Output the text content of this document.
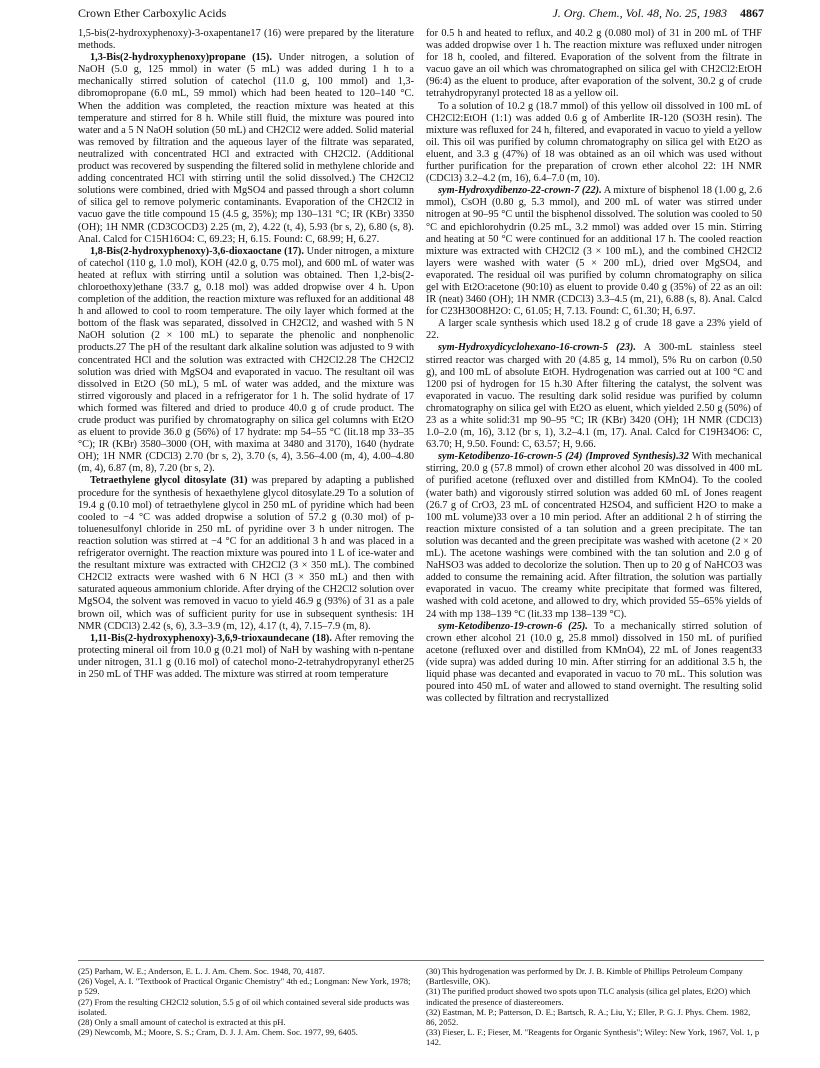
Crown Ether Carboxylic Acids	J. Org. Chem., Vol. 48, No. 25, 1983 4867

1,5-bis(2-hydroxyphenoxy)-3-oxapentane17 (16) were prepared by the literature methods.

1,3-Bis(2-hydroxyphenoxy)propane (15). Under nitrogen, a solution of NaOH (5.0 g, 125 mmol) in water (5 mL) was added during 1 h to a mechanically stirred solution of catechol (11.0 g, 100 mmol) and 1,3-dibromopropane (6.0 mL, 59 mmol) which had been heated to 120–140 °C. When the addition was completed, the reaction mixture was heated at this temperature and stirred for 8 h. While still fluid, the mixture was poured into water and a 5 N NaOH solution (50 mL) and CH2Cl2 were added. Solid material was removed by filtration and the aqueous layer of the filtrate was separated, neutralized with concentrated HCl and extracted with CH2Cl2. (Additional product was recovered by suspending the filtered solid in methylene chloride and adding concentrated HCl with stirring until the solid dissolved.) The CH2Cl2 solutions were combined, dried with MgSO4 and passed through a short column of silica gel to remove polymeric contaminants. Evaporation of the CH2Cl2 in vacuo gave the title compound 15 (4.5 g, 35%); mp 130–131 °C; IR (KBr) 3350 (OH); 1H NMR (CD3COCD3) 2.25 (m, 2), 4.22 (t, 4), 5.93 (br s, 2), 6.80 (s, 8). Anal. Calcd for C15H16O4: C, 69.23; H, 6.15. Found: C, 68.99; H, 6.27.

1,8-Bis(2-hydroxyphenoxy)-3,6-dioxaoctane (17). Under nitrogen, a mixture of catechol (110 g, 1.0 mol), KOH (42.0 g, 0.75 mol), and 600 mL of water was heated at reflux with stirring until a solution was obtained. Then 1,2-bis(2-chloroethoxy)ethane (33.7 g, 0.18 mol) was added dropwise over 4 h. Upon completion of the addition, the reaction mixture was refluxed for an additional 48 h and allowed to cool to room temperature. The oily layer which formed at the bottom of the flask was separated, dissolved in CH2Cl2, and washed with 5 N NaOH solution (2 × 100 mL) to separate the phenolic and nonphenolic products.27 The pH of the resultant dark alkaline solution was adjusted to 9 with concentrated HCl and the solution was extracted with CH2Cl2.28 The CH2Cl2 solution was dried with MgSO4 and evaporated in vacuo. The resultant oil was dissolved in Et2O (50 mL), 5 mL of water was added, and the mixture was stirred vigorously and placed in a refrigerator for 1 h. The solid hydrate of 17 which formed was filtered and dried to produce 40.0 g of crude product. The crude product was purified by chromatography on silica gel columns with Et2O as eluent to provide 36.0 g (56%) of 17 hydrate: mp 54–55 °C (lit.18 mp 33–35 °C); IR (KBr) 3580–3000 (OH, with maxima at 3480 and 3170), 1640 (hydrate OH); 1H NMR (CDCl3) 2.70 (br s, 2), 3.70 (s, 4), 3.56–4.00 (m, 4), 4.00–4.80 (m, 4), 6.87 (m, 8), 7.20 (br s, 2).

Tetraethylene glycol ditosylate (31) was prepared by adapting a published procedure for the synthesis of hexaethylene glycol ditosylate.29 To a solution of 19.4 g (0.10 mol) of tetraethylene glycol in 250 mL of pyridine which had been cooled to −4 °C was added dropwise a solution of 57.2 g (0.30 mol) of p-toluenesulfonyl chloride in 250 mL of pyridine over 3 h under nitrogen. The reaction solution was stirred at −4 °C for an additional 3 h and was placed in a refrigerator overnight. The reaction mixture was poured into 1 L of ice-water and the resultant mixture was extracted with CH2Cl2 (3 × 350 mL). The combined CH2Cl2 extracts were washed with 6 N HCl (3 × 350 mL) and then with saturated aqueous ammonium chloride. After drying of the CH2Cl2 solution over MgSO4, the solvent was removed in vacuo to yield 46.9 g (93%) of 31 as a pale brown oil, which was of sufficient purity for use in subsequent synthesis: 1H NMR (CDCl3) 2.42 (s, 6), 3.3–3.9 (m, 12), 4.17 (t, 4), 7.15–7.9 (m, 8).

1,11-Bis(2-hydroxyphenoxy)-3,6,9-trioxaundecane (18). After removing the protecting mineral oil from 10.0 g (0.21 mol) of NaH by washing with n-pentane under nitrogen, 31.1 g (0.16 mol) of catechol mono-2-tetrahydropyranyl ether25 in 250 mL of THF was added. The mixture was stirred at room temperature

for 0.5 h and heated to reflux, and 40.2 g (0.080 mol) of 31 in 200 mL of THF was added dropwise over 1 h. The reaction mixture was refluxed under nitrogen for 18 h, cooled, and filtered. Evaporation of the solvent from the filtrate in vacuo gave an oil which was chromatographed on silica gel with CH2Cl2:EtOH (96:4) as the eluent to produce, after evaporation of the solvent, 30.2 g of crude tetrahydropyranyl protected 18 as a yellow oil.

To a solution of 10.2 g (18.7 mmol) of this yellow oil dissolved in 100 mL of CH2Cl2:EtOH (1:1) was added 0.6 g of Amberlite IR-120 (SO3H resin). The mixture was refluxed for 24 h, filtered, and evaporated in vacuo to yield a yellow oil. This oil was purified by column chromatography on silica gel with Et2O as eluent, and 3.3 g (47%) of 18 was obtained as an oil which was used without further purification for the preparation of crown ether alcohol 22: 1H NMR (CDCl3) 3.2–4.2 (m, 16), 6.4–7.0 (m, 10).

sym-Hydroxydibenzo-22-crown-7 (22). A mixture of bisphenol 18 (1.00 g, 2.6 mmol), CsOH (0.80 g, 5.3 mmol), and 200 mL of water was stirred under nitrogen at 90–95 °C until the bisphenol dissolved. The solution was cooled to 50 °C and epichlorohydrin (0.25 mL, 3.2 mmol) was added over 15 min. Stirring and heating at 50 °C were continued for an additional 17 h. The cooled reaction mixture was extracted with CH2Cl2 (3 × 100 mL), and the combined CH2Cl2 layers were washed with water (5 × 200 mL), dried over MgSO4, and evaporated. The residual oil was purified by column chromatography on silica gel with Et2O:acetone (90:10) as eluent to provide 0.40 g (35%) of 22 as an oil: IR (neat) 3460 (OH); 1H NMR (CDCl3) 3.3–4.5 (m, 21), 6.88 (s, 8). Anal. Calcd for C23H30O8H2O: C, 61.05; H, 7.13. Found: C, 61.30; H, 6.97.

A larger scale synthesis which used 18.2 g of crude 18 gave a 23% yield of 22.

sym-Hydroxydicyclohexano-16-crown-5 (23). A 300-mL stainless steel stirred reactor was charged with 20 (4.85 g, 14 mmol), 5% Ru on carbon (0.50 g), and 100 mL of absolute EtOH. Hydrogenation was carried out at 100 °C and 1200 psi of hydrogen for 15 h.30 After filtering the catalyst, the solvent was evaporated in vacuo. The resulting dark solid residue was purified by column chromatography on silica gel with Et2O as eluent, which yielded 2.50 g (50%) of 23 as a white solid:31 mp 90–95 °C; IR (KBr) 3420 (OH); 1H NMR (CDCl3) 1.0–2.0 (m, 16), 3.12 (br s, 1), 3.2–4.1 (m, 17). Anal. Calcd for C19H34O6: C, 63.70; H, 9.50. Found: C, 63.57; H, 9.66.

sym-Ketodibenzo-16-crown-5 (24) (Improved Synthesis).32 With mechanical stirring, 20.0 g (57.8 mmol) of crown ether alcohol 20 was dissolved in 400 mL of purified acetone (refluxed over and distilled from KMnO4). To the cooled (water bath) and vigorously stirred solution was added 60 mL of Jones reagent (26.7 g of CrO3, 23 mL of concentrated H2SO4, and sufficient H2O to make a 100 mL volume)33 over a 10 min period. After an additional 2 h of stirring the reaction mixture consisted of a tan solution and a green precipitate. The tan solution was decanted and the green precipitate was washed with acetone (2 × 20 mL). The acetone washings were combined with the tan solution and 2.0 g of NaHSO3 was added to decolorize the solution. Then up to 20 g of NaHCO3 was added to consume the remaining acid. After filtration, the solution was partially evaporated in vacuo. The creamy white precipitate that formed was filtered, washed with cold acetone, and allowed to dry, which provided 55–65% yields of 24 with mp 138–139 °C (lit.33 mp 138–139 °C).

sym-Ketodibenzo-19-crown-6 (25). To a mechanically stirred solution of crown ether alcohol 21 (10.0 g, 25.8 mmol) dissolved in 150 mL of purified acetone (refluxed over and distilled from KMnO4), 22 mL of Jones reagent33 (vide supra) was added during 10 min. After stirring for an additional 3.5 h, the liquid phase was decanted and evaporated in vacuo to 70 mL. This solution was poured into 450 mL of water and allowed to stand overnight. The resulting solid was collected by filtration and recrystallized

(25) Parham, W. E.; Anderson, E. L. J. Am. Chem. Soc. 1948, 70, 4187.
(26) Vogel, A. I. "Textbook of Practical Organic Chemistry" 4th ed.; Longman: New York, 1978; p 529.
(27) From the resulting CH2Cl2 solution, 5.5 g of oil which contained several side products was isolated.
(28) Only a small amount of catechol is extracted at this pH.
(29) Newcomb, M.; Moore, S. S.; Cram, D. J. J. Am. Chem. Soc. 1977, 99, 6405.
(30) This hydrogenation was performed by Dr. J. B. Kimble of Phillips Petroleum Company (Bartlesville, OK).
(31) The purified product showed two spots upon TLC analysis (silica gel plates, Et2O) which indicated the presence of diastereomers.
(32) Eastman, M. P.; Patterson, D. E.; Bartsch, R. A.; Liu, Y.; Eller, P. G. J. Phys. Chem. 1982, 86, 2052.
(33) Fieser, L. F.; Fieser, M. "Reagents for Organic Synthesis"; Wiley: New York, 1967, Vol. 1, p 142.
